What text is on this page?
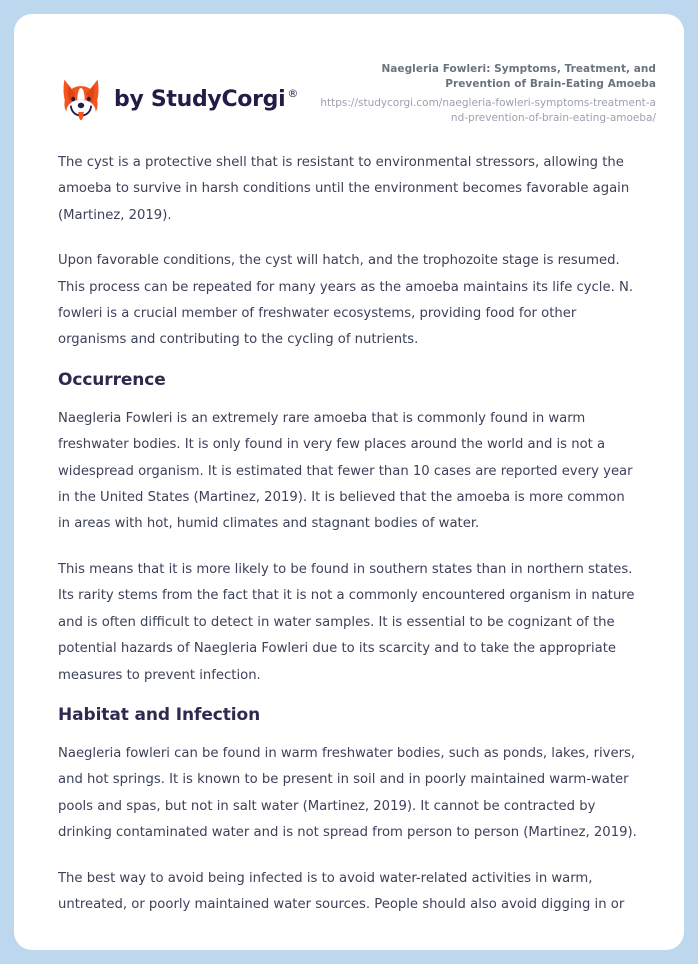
by StudyCorgi ®
Naegleria Fowleri: Symptoms, Treatment, and Prevention of Brain-Eating Amoeba
https://studycorgi.com/naegleria-fowleri-symptoms-treatment-and-prevention-of-brain-eating-amoeba/

The cyst is a protective shell that is resistant to environmental stressors, allowing the amoeba to survive in harsh conditions until the environment becomes favorable again (Martinez, 2019).

Upon favorable conditions, the cyst will hatch, and the trophozoite stage is resumed. This process can be repeated for many years as the amoeba maintains its life cycle. N. fowleri is a crucial member of freshwater ecosystems, providing food for other organisms and contributing to the cycling of nutrients.

Occurrence

Naegleria Fowleri is an extremely rare amoeba that is commonly found in warm freshwater bodies. It is only found in very few places around the world and is not a widespread organism. It is estimated that fewer than 10 cases are reported every year in the United States (Martinez, 2019). It is believed that the amoeba is more common in areas with hot, humid climates and stagnant bodies of water.

This means that it is more likely to be found in southern states than in northern states. Its rarity stems from the fact that it is not a commonly encountered organism in nature and is often difficult to detect in water samples. It is essential to be cognizant of the potential hazards of Naegleria Fowleri due to its scarcity and to take the appropriate measures to prevent infection.

Habitat and Infection

Naegleria fowleri can be found in warm freshwater bodies, such as ponds, lakes, rivers, and hot springs. It is known to be present in soil and in poorly maintained warm-water pools and spas, but not in salt water (Martinez, 2019). It cannot be contracted by drinking contaminated water and is not spread from person to person (Martinez, 2019).

The best way to avoid being infected is to avoid water-related activities in warm, untreated, or poorly maintained water sources. People should also avoid digging in or
